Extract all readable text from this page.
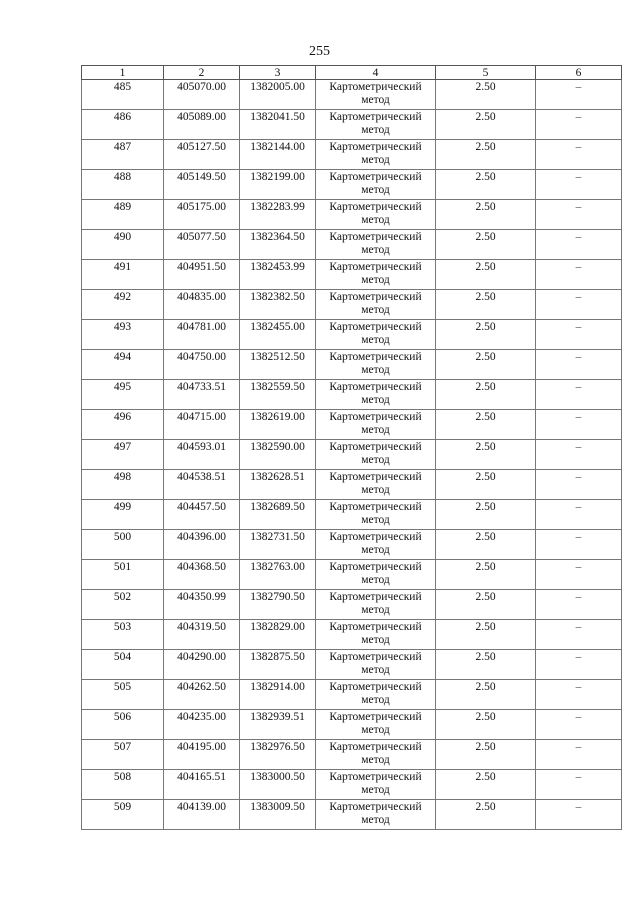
255
1	2	3	4	5	6

485	405070.00	1382005.00	Картометрический метод	2.50	–

486	405089.00	1382041.50	Картометрический метод	2.50	–

487	405127.50	1382144.00	Картометрический метод	2.50	–

488	405149.50	1382199.00	Картометрический метод	2.50	–

489	405175.00	1382283.99	Картометрический метод	2.50	–

490	405077.50	1382364.50	Картометрический метод	2.50	–

491	404951.50	1382453.99	Картометрический метод	2.50	–

492	404835.00	1382382.50	Картометрический метод	2.50	–

493	404781.00	1382455.00	Картометрический метод	2.50	–

494	404750.00	1382512.50	Картометрический метод	2.50	–

495	404733.51	1382559.50	Картометрический метод	2.50	–

496	404715.00	1382619.00	Картометрический метод	2.50	–

497	404593.01	1382590.00	Картометрический метод	2.50	–

498	404538.51	1382628.51	Картометрический метод	2.50	–

499	404457.50	1382689.50	Картометрический метод	2.50	–

500	404396.00	1382731.50	Картометрический метод	2.50	–

501	404368.50	1382763.00	Картометрический метод	2.50	–

502	404350.99	1382790.50	Картометрический метод	2.50	–

503	404319.50	1382829.00	Картометрический метод	2.50	–

504	404290.00	1382875.50	Картометрический метод	2.50	–

505	404262.50	1382914.00	Картометрический метод	2.50	–

506	404235.00	1382939.51	Картометрический метод	2.50	–

507	404195.00	1382976.50	Картометрический метод	2.50	–

508	404165.51	1383000.50	Картометрический метод	2.50	–

509	404139.00	1383009.50	Картометрический метод	2.50	–
